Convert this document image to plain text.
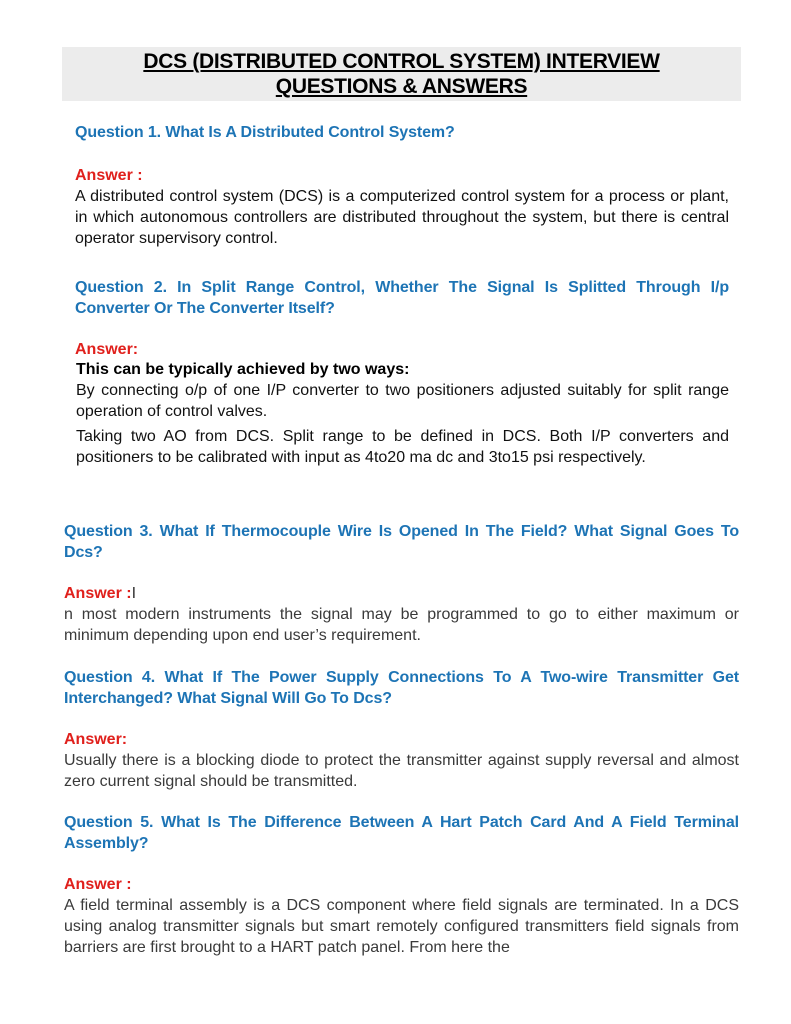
DCS (DISTRIBUTED CONTROL SYSTEM) INTERVIEW
QUESTIONS & ANSWERS

Question 1. What Is A Distributed Control System?

Answer :

A distributed control system (DCS) is a computerized control system for a process or plant, in which autonomous controllers are distributed throughout the system, but there is central operator supervisory control.

Question 2. In Split Range Control, Whether The Signal Is Splitted Through I/p Converter Or The Converter Itself?

Answer:

This can be typically achieved by two ways:

By connecting o/p of one I/P converter to two positioners adjusted suitably for split range operation of control valves.

Taking two AO from DCS. Split range to be defined in DCS. Both I/P converters and positioners to be calibrated with input as 4to20 ma dc and 3to15 psi respectively.

Question 3. What If Thermocouple Wire Is Opened In The Field? What Signal Goes To Dcs?

Answer :I

n most modern instruments the signal may be programmed to go to either maximum or minimum depending upon end user’s requirement.

Question 4. What If The Power Supply Connections To A Two-wire Transmitter Get Interchanged? What Signal Will Go To Dcs?

Answer:

Usually there is a blocking diode to protect the transmitter against supply reversal and almost zero current signal should be transmitted.

Question 5. What Is The Difference Between A Hart Patch Card And A Field Terminal Assembly?

Answer :

A field terminal assembly is a DCS component where field signals are terminated. In a DCS using analog transmitter signals but smart remotely configured transmitters field signals from barriers are first brought to a HART patch panel. From here the
